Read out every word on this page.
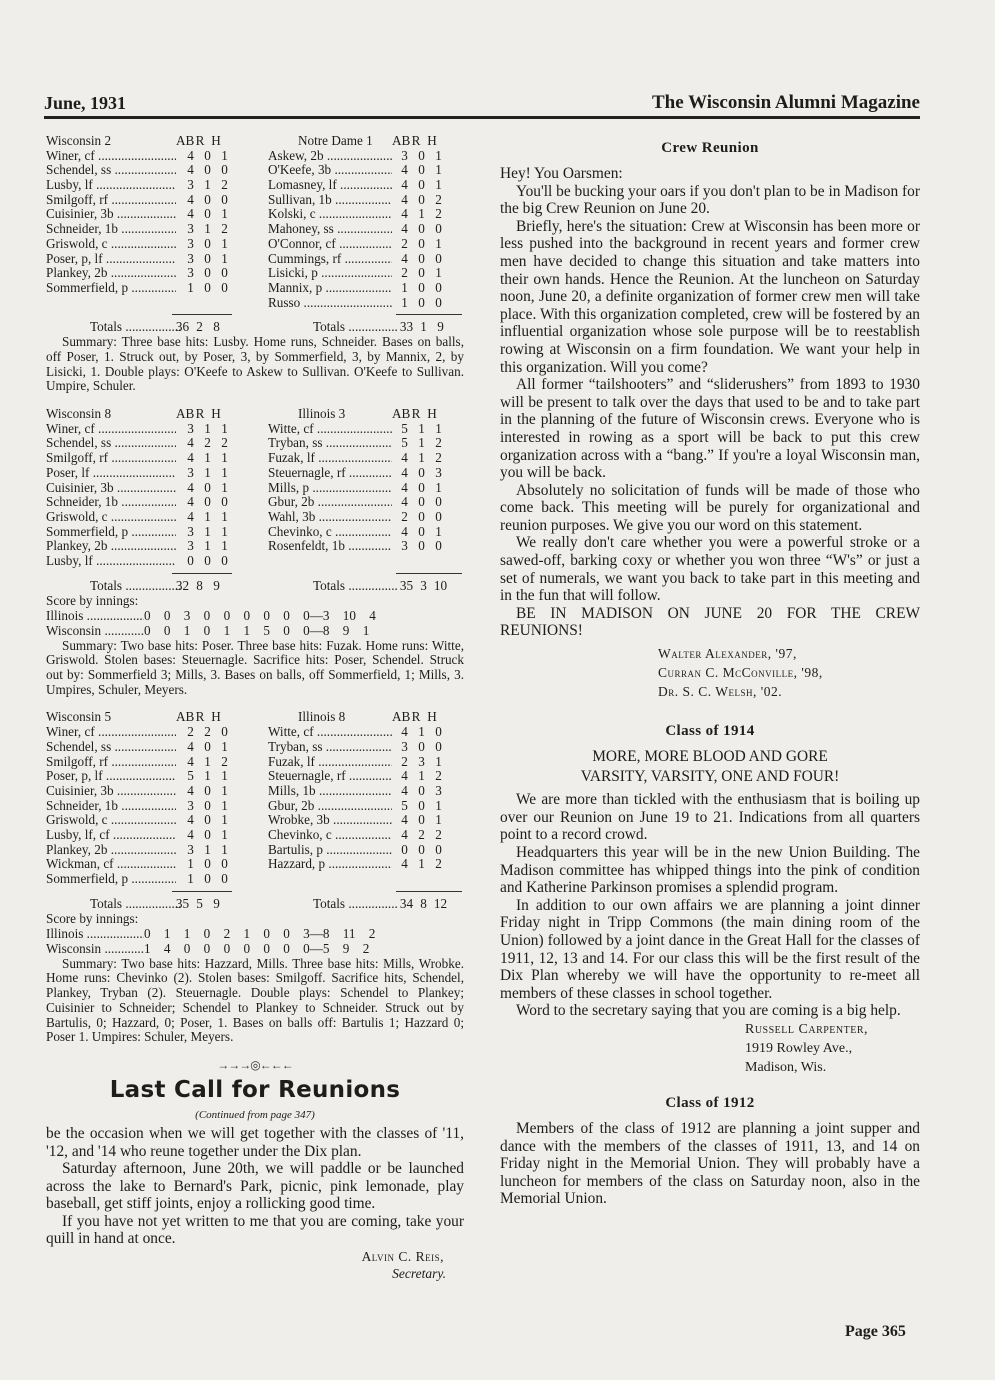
June, 1931	The Wisconsin Alumni Magazine
Wisconsin 2	AB R H	Notre Dame 1 AB R H
Winer, cf .....	4 0 1	Askew, 2b .....	3 0 1
Schendel, ss .....	4 0 0	O'Keefe, 3b .....	4 0 1
Lusby, lf .....	3 1 2	Lomasney, lf .....	4 0 1
Smilgoff, rf .....	4 0 0	Sullivan, 1b .....	4 0 2
Cuisinier, 3b .....	4 0 1	Kolski, c .....	4 1 2
Schneider, 1b .....	3 1 2	Mahoney, ss .....	4 0 0
Griswold, c .....	3 0 1	O'Connor, cf .....	2 0 1
Poser, p, lf .....	3 0 1	Cummings, rf .....	4 0 0
Plankey, 2b .....	3 0 0	Lisicki, p .....	2 0 1
Sommerfield, p .....	1 0 0	Mannix, p .....	1 0 0
Russo .....	1 0 0
Totals .....	36 2 8	Totals .....	33 1 9

Summary: Three base hits: Lusby. Home runs, Schneider. Bases on balls, off Poser, 1. Struck out, by Poser, 3, by Sommerfield, 3, by Mannix, 2, by Lisicki, 1. Double plays: O'Keefe to Askew to Sullivan. O'Keefe to Sullivan. Umpire, Schuler.

Wisconsin 8	AB R H	Illinois 3	AB R H
Winer, cf .....	3 1 1	Witte, cf .....	5 1 1
Schendel, ss .....	4 2 2	Tryban, ss .....	5 1 2
Smilgoff, rf .....	4 1 1	Fuzak, lf .....	4 1 2
Poser, lf .....	3 1 1	Steuernagle, rf .....	4 0 3
Cuisinier, 3b .....	4 0 1	Mills, p .....	4 0 1
Schneider, 1b .....	4 0 0	Gbur, 2b .....	4 0 0
Griswold, c .....	4 1 1	Wahl, 3b .....	2 0 0
Sommerfield, p .....	3 1 1	Chevinko, c .....	4 0 1
Plankey, 2b .....	3 1 1	Rosenfeldt, 1b .....	3 0 0
Lusby, lf .....	0 0 0
Totals .....	32 8 9	Totals .....	35 3 10
Score by innings:
Illinois .....	0 0 3 0 0 0 0 0 0—3 10 4
Wisconsin .....	0 0 1 0 1 1 5 0 0—8 9 1

Summary: Two base hits: Poser. Three base hits: Fuzak. Home runs: Witte, Griswold. Stolen bases: Steuernagle. Sacrifice hits: Poser, Schendel. Struck out by: Sommerfield 3; Mills, 3. Bases on balls, off Sommerfield, 1; Mills, 3. Umpires, Schuler, Meyers.

Wisconsin 5	AB R H	Illinois 8	AB R H
Winer, cf .....	2 2 0	Witte, cf .....	4 1 0
Schendel, ss .....	4 0 1	Tryban, ss .....	3 0 0
Smilgoff, rf .....	4 1 2	Fuzak, lf .....	2 3 1
Poser, p, lf .....	5 1 1	Steuernagle, rf .....	4 1 2
Cuisinier, 3b .....	4 0 1	Mills, 1b .....	4 0 3
Schneider, 1b .....	3 0 1	Gbur, 2b .....	5 0 1
Griswold, c .....	4 0 1	Wrobke, 3b .....	4 0 1
Lusby, lf, cf .....	4 0 1	Chevinko, c .....	4 2 2
Plankey, 2b .....	3 1 1	Bartulis, p .....	0 0 0
Wickman, cf .....	1 0 0	Hazzard, p .....	4 1 2
Sommerfield, p .....	1 0 0
Totals .....	35 5 9	Totals .....	34 8 12
Score by innings:
Illinois .....	0 1 1 0 2 1 0 0 3—8 11 2
Wisconsin .....	1 4 0 0 0 0 0 0 0—5 9 2

Summary: Two base hits: Hazzard, Mills. Three base hits: Mills, Wrobke. Home runs: Chevinko (2). Stolen bases: Smilgoff. Sacrifice hits, Schendel, Plankey, Tryban (2). Steuernagle. Double plays: Schendel to Plankey; Cuisinier to Schneider; Schendel to Plankey to Schneider. Struck out by Bartulis, 0; Hazzard, 0; Poser, 1. Bases on balls off: Bartulis 1; Hazzard 0; Poser 1. Umpires: Schuler, Meyers.

→→→◎←←←
Last Call for Reunions
(Continued from page 347)

be the occasion when we will get together with the classes of '11, '12, and '14 who reune together under the Dix plan.

Saturday afternoon, June 20th, we will paddle or be launched across the lake to Bernard's Park, picnic, pink lemonade, play baseball, get stiff joints, enjoy a rollicking good time.

If you have not yet written to me that you are coming, take your quill in hand at once.

Alvin C. Reis,
Secretary.
Crew Reunion

Hey! You Oarsmen:

You'll be bucking your oars if you don't plan to be in Madison for the big Crew Reunion on June 20.

Briefly, here's the situation: Crew at Wisconsin has been more or less pushed into the background in recent years and former crew men have decided to change this situation and take matters into their own hands. Hence the Reunion. At the luncheon on Saturday noon, June 20, a definite organization of former crew men will take place. With this organization completed, crew will be fostered by an influential organization whose sole purpose will be to reestablish rowing at Wisconsin on a firm foundation. We want your help in this organization. Will you come?

All former “tailshooters” and “sliderushers” from 1893 to 1930 will be present to talk over the days that used to be and to take part in the planning of the future of Wisconsin crews. Everyone who is interested in rowing as a sport will be back to put this crew organization across with a “bang.” If you're a loyal Wisconsin man, you will be back.

Absolutely no solicitation of funds will be made of those who come back. This meeting will be purely for organizational and reunion purposes. We give you our word on this statement.

We really don't care whether you were a powerful stroke or a sawed-off, barking coxy or whether you won three “W's” or just a set of numerals, we want you back to take part in this meeting and in the fun that will follow.

BE IN MADISON ON JUNE 20 FOR THE CREW REUNIONS!

Walter Alexander, '97,
Curran C. McConville, '98,
Dr. S. C. Welsh, '02.
Class of 1914
MORE, MORE BLOOD AND GORE
VARSITY, VARSITY, ONE AND FOUR!

We are more than tickled with the enthusiasm that is boiling up over our Reunion on June 19 to 21. Indications from all quarters point to a record crowd.

Headquarters this year will be in the new Union Building. The Madison committee has whipped things into the pink of condition and Katherine Parkinson promises a splendid program.

In addition to our own affairs we are planning a joint dinner Friday night in Tripp Commons (the main dining room of the Union) followed by a joint dance in the Great Hall for the classes of 1911, 12, 13 and 14. For our class this will be the first result of the Dix Plan whereby we will have the opportunity to re-meet all members of these classes in school together.

Word to the secretary saying that you are coming is a big help.

Russell Carpenter,
1919 Rowley Ave.,
Madison, Wis.
Class of 1912

Members of the class of 1912 are planning a joint supper and dance with the members of the classes of 1911, 13, and 14 on Friday night in the Memorial Union. They will probably have a luncheon for members of the class on Saturday noon, also in the Memorial Union.

Page 365
